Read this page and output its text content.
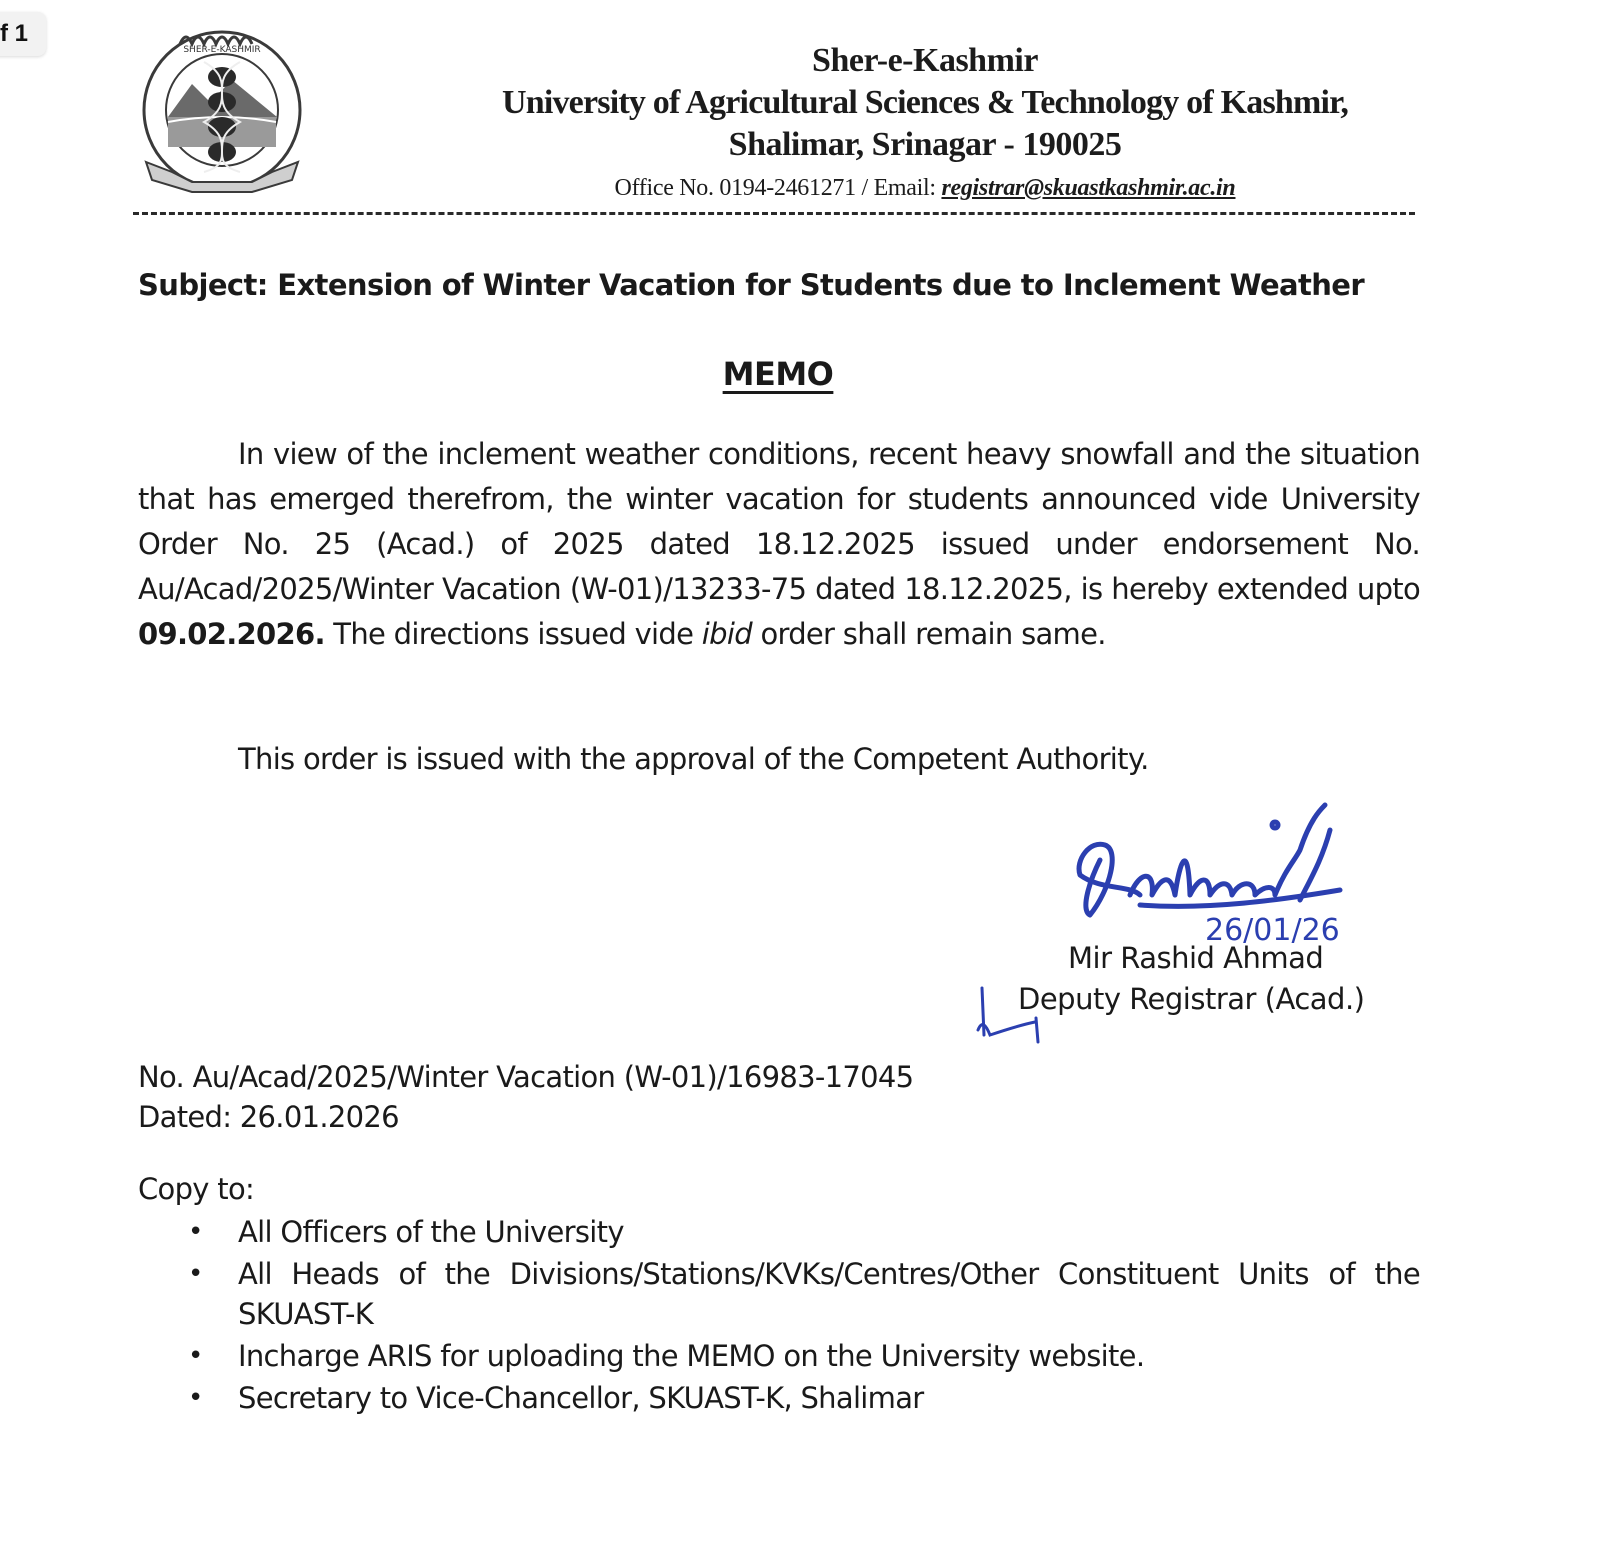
f 1
SHER-E-KASHMIR	Sher-e-Kashmir
University of Agricultural Sciences & Technology of Kashmir,
Shalimar, Srinagar - 190025
Office No. 0194-2461271 / Email: registrar@skuastkashmir.ac.in
Subject: Extension of Winter Vacation for Students due to Inclement Weather
MEMO
In view of the inclement weather conditions, recent heavy snowfall and the situation that has emerged therefrom, the winter vacation for students announced vide University Order No. 25 (Acad.) of 2025 dated 18.12.2025 issued under endorsement No. Au/Acad/2025/Winter Vacation (W-01)/13233-75 dated 18.12.2025, is hereby extended upto 09.02.2026. The directions issued vide ibid order shall remain same.
This order is issued with the approval of the Competent Authority.
26/01/26
Mir Rashid Ahmad
Deputy Registrar (Acad.)
No. Au/Acad/2025/Winter Vacation (W-01)/16983-17045
Dated: 26.01.2026
Copy to:
• All Officers of the University
• All Heads of the Divisions/Stations/KVKs/Centres/Other Constituent Units of the SKUAST-K
• Incharge ARIS for uploading the MEMO on the University website.
• Secretary to Vice-Chancellor, SKUAST-K, Shalimar
